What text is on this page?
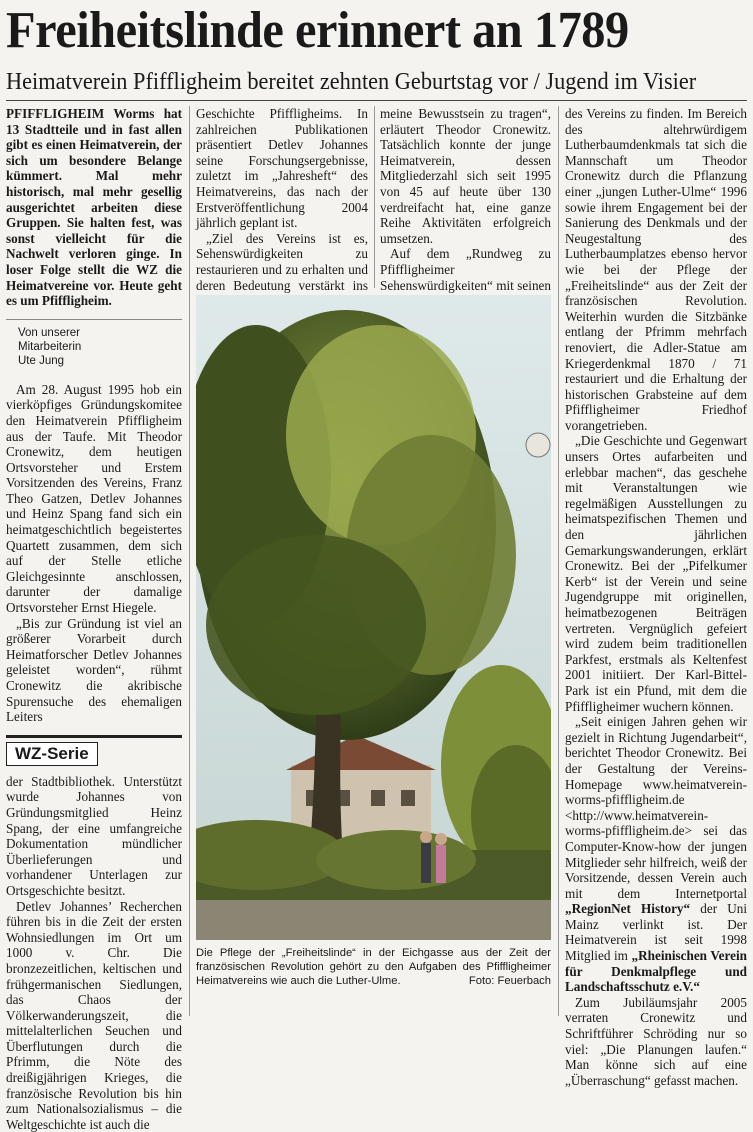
Freiheitslinde erinnert an 1789
Heimatverein Pfiffligheim bereitet zehnten Geburtstag vor / Jugend im Visier

PFIFFLIGHEIM Worms hat 13 Stadtteile und in fast allen gibt es einen Heimatverein, der sich um besondere Belange kümmert. Mal mehr historisch, mal mehr gesellig ausgerichtet arbeiten diese Gruppen. Sie halten fest, was sonst vielleicht für die Nachwelt verloren ginge. In loser Folge stellt die WZ die Heimatvereine vor. Heute geht es um Pfiffligheim.

Von unserer
Mitarbeiterin
Ute Jung

Am 28. August 1995 hob ein vierköpfiges Gründungskomitee den Heimatverein Pfiffligheim aus der Taufe. Mit Theodor Cronewitz, dem heutigen Ortsvorsteher und Erstem Vorsitzenden des Vereins, Franz Theo Gatzen, Detlev Johannes und Heinz Spang fand sich ein heimatgeschichtlich begeistertes Quartett zusammen, dem sich auf der Stelle etliche Gleichgesinnte anschlossen, darunter der damalige Ortsvorsteher Ernst Hiegele.

„Bis zur Gründung ist viel an größerer Vorarbeit durch Heimatforscher Detlev Johannes geleistet worden“, rühmt Cronewitz die akribische Spurensuche des ehemaligen Leiters

WZ-Serie

der Stadtbibliothek. Unterstützt wurde Johannes von Gründungsmitglied Heinz Spang, der eine umfangreiche Dokumentation mündlicher Überlieferungen und vorhandener Unterlagen zur Ortsgeschichte besitzt.

Detlev Johannes’ Recherchen führen bis in die Zeit der ersten Wohnsiedlungen im Ort um 1000 v. Chr. Die bronzezeitlichen, keltischen und frühgermanischen Siedlungen, das Chaos der Völkerwanderungszeit, die mittelalterlichen Seuchen und Überflutungen durch die Pfrimm, die Nöte des dreißigjährigen Krieges, die französische Revolution bis hin zum Nationalsozialismus – die Weltgeschichte ist auch die

Geschichte Pfiffligheims. In zahlreichen Publikationen präsentiert Detlev Johannes seine Forschungsergebnisse, zuletzt im „Jahresheft“ des Heimatvereins, das nach der Erstveröffentlichung 2004 jährlich geplant ist.

„Ziel des Vereins ist es, Sehenswürdigkeiten zu restaurieren und zu erhalten und deren Bedeutung verstärkt ins

meine Bewusstsein zu tragen“, erläutert Theodor Cronewitz. Tatsächlich konnte der junge Heimatverein, dessen Mitgliederzahl sich seit 1995 von 45 auf heute über 130 verdreifacht hat, eine ganze Reihe Aktivitäten erfolgreich umsetzen.

Auf dem „Rundweg zu Pfiffligheimer Sehenswürdigkeiten“ mit seinen

Die Pflege der „Freiheitslinde“ in der Eichgasse aus der Zeit der französischen Revolution gehört zu den Aufgaben des Pfiffligheimer Heimatvereins wie auch die Luther-Ulme.	Foto: Feuerbach

des Vereins zu finden. Im Bereich des altehrwürdigem Lutherbaumdenkmals tat sich die Mannschaft um Theodor Cronewitz durch die Pflanzung einer „jungen Luther-Ulme“ 1996 sowie ihrem Engagement bei der Sanierung des Denkmals und der Neugestaltung des Lutherbaumplatzes ebenso hervor wie bei der Pflege der „Freiheitslinde“ aus der Zeit der französischen Revolution. Weiterhin wurden die Sitzbänke entlang der Pfrimm mehrfach renoviert, die Adler-Statue am Kriegerdenkmal 1870 / 71 restauriert und die Erhaltung der historischen Grabsteine auf dem Pfiffligheimer Friedhof vorangetrieben.

„Die Geschichte und Gegenwart unsers Ortes aufarbeiten und erlebbar machen“, das geschehe mit Veranstaltungen wie regelmäßigen Ausstellungen zu heimatspezifischen Themen und den jährlichen Gemarkungswanderungen, erklärt Cronewitz. Bei der „Pifelkumer Kerb“ ist der Verein und seine Jugendgruppe mit originellen, heimatbezogenen Beiträgen vertreten. Vergnüglich gefeiert wird zudem beim traditionellen Parkfest, erstmals als Keltenfest 2001 initiiert. Der Karl-Bittel-Park ist ein Pfund, mit dem die Pfiffligheimer wuchern können.

„Seit einigen Jahren gehen wir gezielt in Richtung Jugendarbeit“, berichtet Theodor Cronewitz. Bei der Gestaltung der Vereins-Homepage www.heimatverein-worms-pfiffligheim.de <http://www.heimatverein-worms-pfiffligheim.de> sei das Computer-Know-how der jungen Mitglieder sehr hilfreich, weiß der Vorsitzende, dessen Verein auch mit dem Internetportal „RegionNet History“ der Uni Mainz verlinkt ist. Der Heimatverein ist seit 1998 Mitglied im „Rheinischen Verein für Denkmalpflege und Landschaftsschutz e.V.“

Zum Jubiläumsjahr 2005 verraten Cronewitz und Schriftführer Schröding nur so viel: „Die Planungen laufen.“ Man könne sich auf eine „Überraschung“ gefasst machen.
